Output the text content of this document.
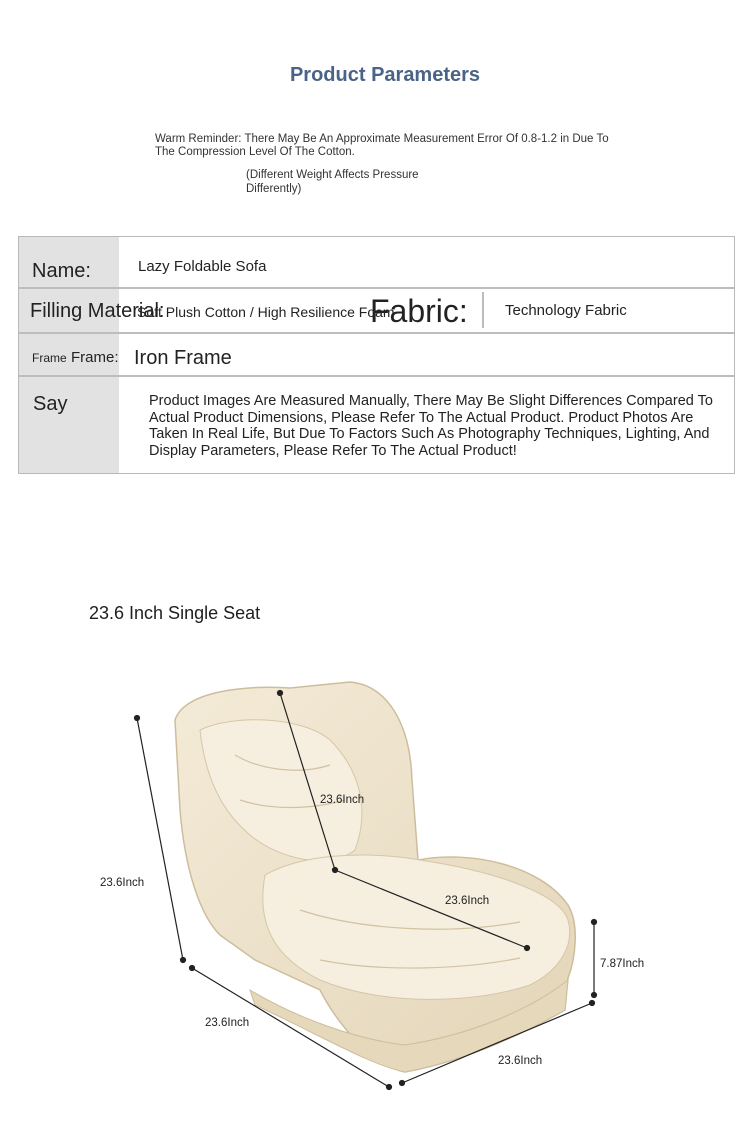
Product Parameters
Warm Reminder: There May Be An Approximate Measurement Error Of 0.8-1.2 in Due To The Compression Level Of The Cotton.
(Different Weight Affects Pressure Differently)
Name:	Lazy Foldable Sofa
Filling Material:
Soft Plush Cotton / High Resilience Foam
Fabric: Technology Fabric
Frame Frame: Iron Frame
Say	Product Images Are Measured Manually, There May Be Slight Differences Compared To Actual Product Dimensions, Please Refer To The Actual Product. Product Photos Are Taken In Real Life, But Due To Factors Such As Photography Techniques, Lighting, And Display Parameters, Please Refer To The Actual Product!
23.6 Inch Single Seat
23.6Inch
23.6Inch
23.6Inch
23.6Inch
23.6Inch
7.87Inch
